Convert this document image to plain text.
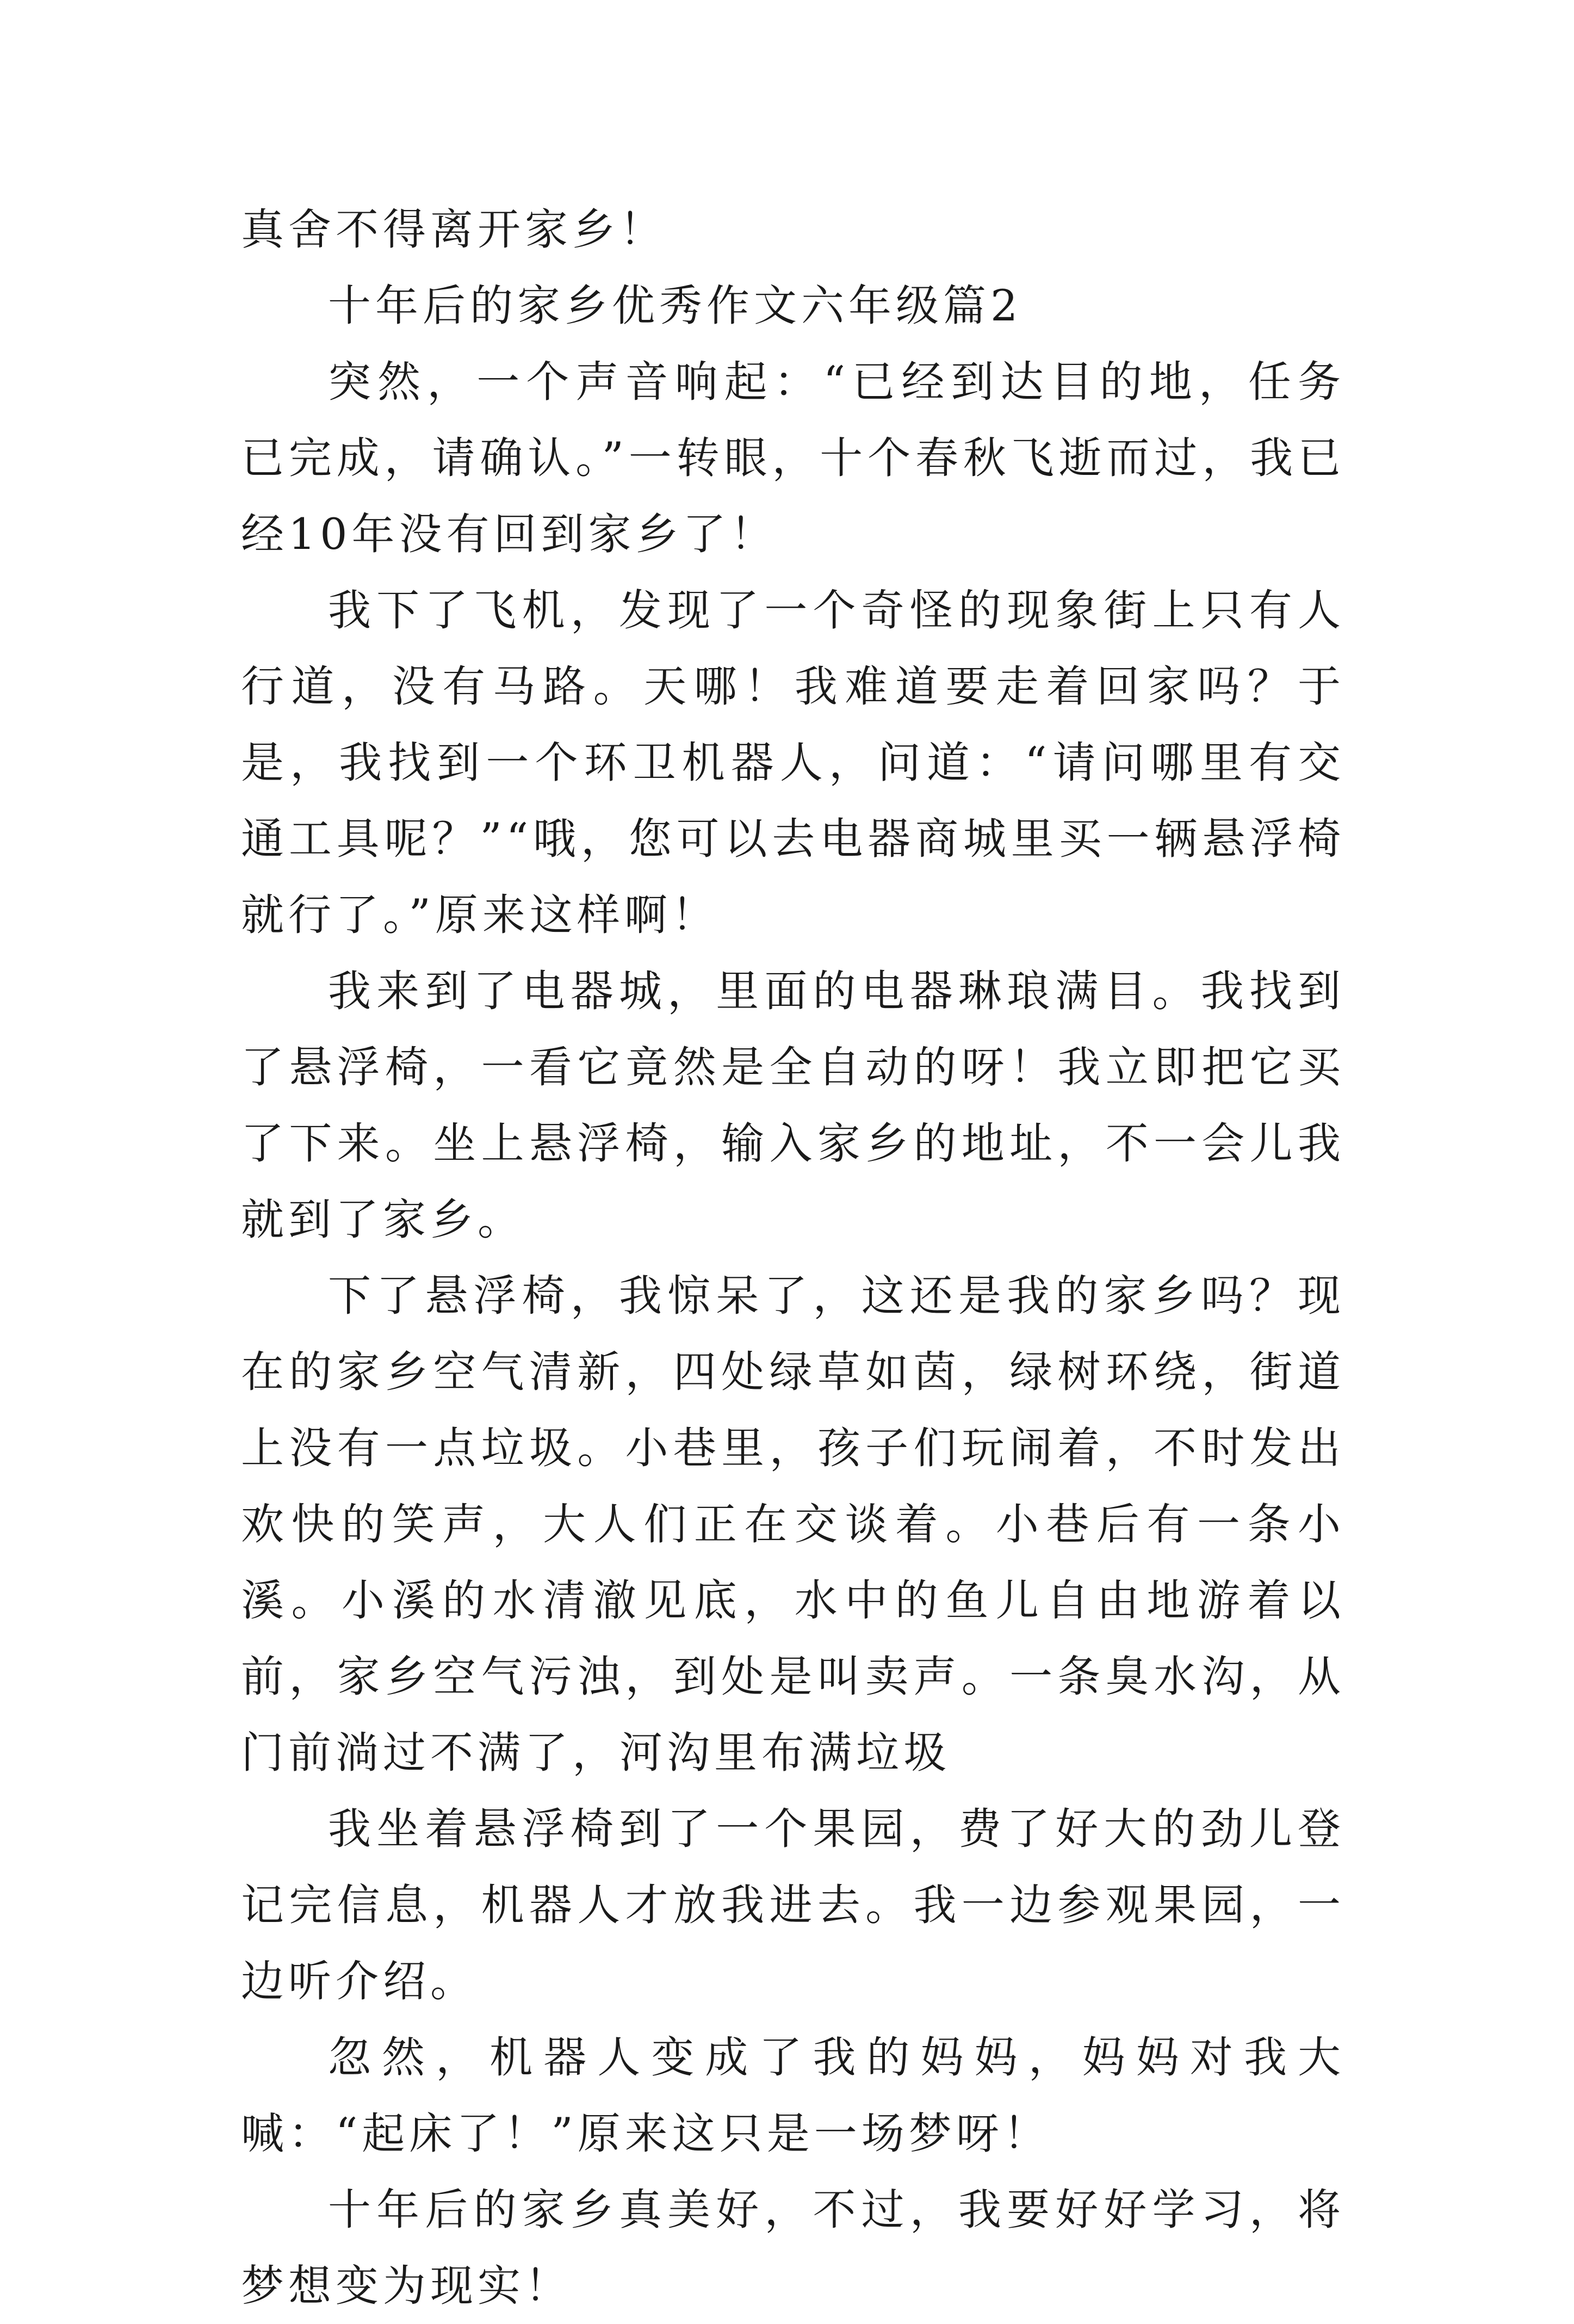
真舍不得离开家乡！

十年后的家乡优秀作文六年级篇2

突然，一个声音响起：“已经到达目的地，任务已完成，请确认。”一转眼，十个春秋飞逝而过，我已经10年没有回到家乡了！

我下了飞机，发现了一个奇怪的现象街上只有人行道，没有马路。天哪！我难道要走着回家吗？于是，我找到一个环卫机器人，问道：“请问哪里有交通工具呢？”“哦，您可以去电器商城里买一辆悬浮椅就行了。”原来这样啊！

我来到了电器城，里面的电器琳琅满目。我找到了悬浮椅，一看它竟然是全自动的呀！我立即把它买了下来。坐上悬浮椅，输入家乡的地址，不一会儿我就到了家乡。

下了悬浮椅，我惊呆了，这还是我的家乡吗？现在的家乡空气清新，四处绿草如茵，绿树环绕，街道上没有一点垃圾。小巷里，孩子们玩闹着，不时发出欢快的笑声，大人们正在交谈着。小巷后有一条小溪。小溪的水清澈见底，水中的鱼儿自由地游着以前，家乡空气污浊，到处是叫卖声。一条臭水沟，从门前淌过不满了，河沟里布满垃圾

我坐着悬浮椅到了一个果园，费了好大的劲儿登记完信息，机器人才放我进去。我一边参观果园，一边听介绍。

忽然，机器人变成了我的妈妈，妈妈对我大喊：“起床了！”原来这只是一场梦呀！

十年后的家乡真美好，不过，我要好好学习，将梦想变为现实！
